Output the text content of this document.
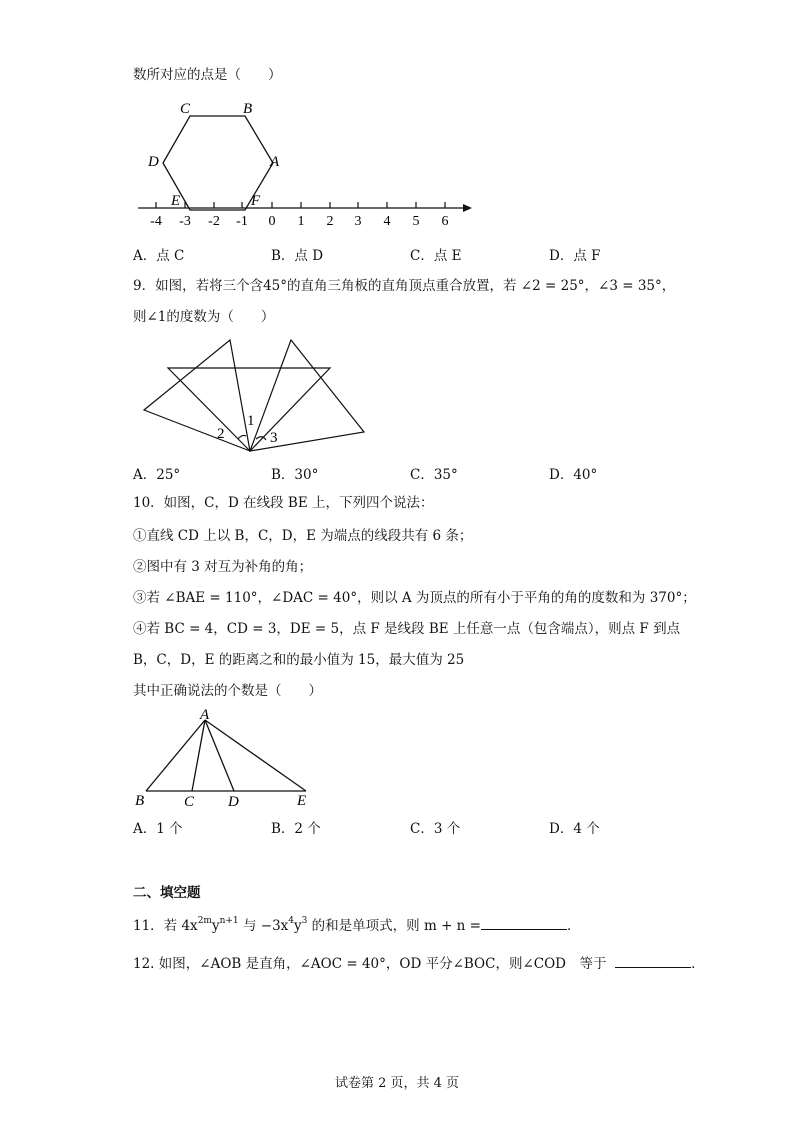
数所对应的点是（　　）
C	B
D	A
E	F
-4 -3 -2 -1 0 1 2 3 4 5 6
A．点 C	B．点 D	C．点 E	D．点 F
9．如图，若将三个含45°的直角三角板的直角顶点重合放置，若 ∠2 = 25°，∠3 = 35°，
则∠1的度数为（　　）
1
2	3
A．25°	B．30°	C．35°	D．40°
10．如图，C，D 在线段 BE 上，下列四个说法：
①直线 CD 上以 B，C，D，E 为端点的线段共有 6 条；
②图中有 3 对互为补角的角；
③若 ∠BAE = 110°，∠DAC = 40°，则以 A 为顶点的所有小于平角的角的度数和为 370°；
④若 BC = 4，CD = 3，DE = 5，点 F 是线段 BE 上任意一点（包含端点），则点 F 到点
B，C，D，E 的距离之和的最小值为 15，最大值为 25
其中正确说法的个数是（　　）
A
B	C D	E
A．1 个	B．2 个	C．3 个	D．4 个
二、填空题
11．若 $4x^{2m}y^{n+1}$ 与 $-3x^4y^3$ 的和是单项式，则 m + n =	．
12. 如图，∠AOB 是直角，∠AOC = 40°，OD 平分∠BOC，则∠COD　等于	．
试卷第 2 页，共 4 页
